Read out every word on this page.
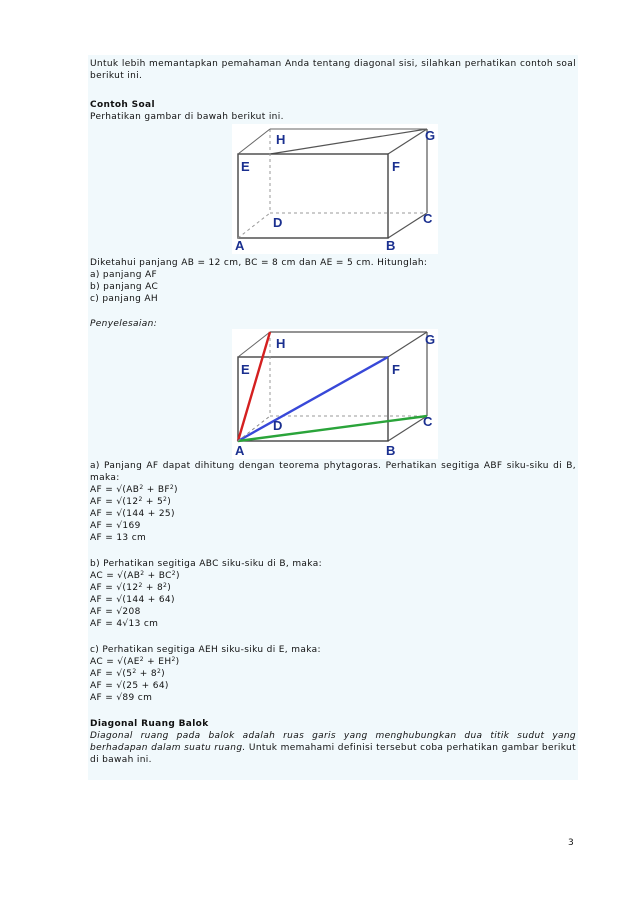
Untuk lebih memantapkan pemahaman Anda tentang diagonal sisi, silahkan perhatikan contoh soal berikut ini.
Contoh Soal
Perhatikan gambar di bawah berikut ini.
H	G
E	F
D	C
A	B
Diketahui panjang AB = 12 cm, BC = 8 cm dan AE = 5 cm. Hitunglah:
a) panjang AF
b) panjang AC
c) panjang AH
Penyelesaian:
H	G
E	F
D	C
A	B
a) Panjang AF dapat dihitung dengan teorema phytagoras. Perhatikan segitiga ABF siku-siku di B,
maka:
AF = $√(AB^2 + BF^2)$
AF = $√(12^2 + 5^2)$
AF = √(144 + 25)
AF = √169
AF = 13 cm
b) Perhatikan segitiga ABC siku-siku di B, maka:
AC = $√(AB^2 + BC^2)$
AF = $√(12^2 + 8^2)$
AF = √(144 + 64)
AF = √208
AF = 4√13 cm
c) Perhatikan segitiga AEH siku-siku di E, maka:
AC = $√(AE^2 + EH^2)$
AF = $√(5^2 + 8^2)$
AF = √(25 + 64)
AF = √89 cm
Diagonal Ruang Balok
Diagonal ruang pada balok adalah ruas garis yang menghubungkan dua titik sudut yang berhadapan dalam suatu ruang. Untuk memahami definisi tersebut coba perhatikan gambar berikut di bawah ini.
3
